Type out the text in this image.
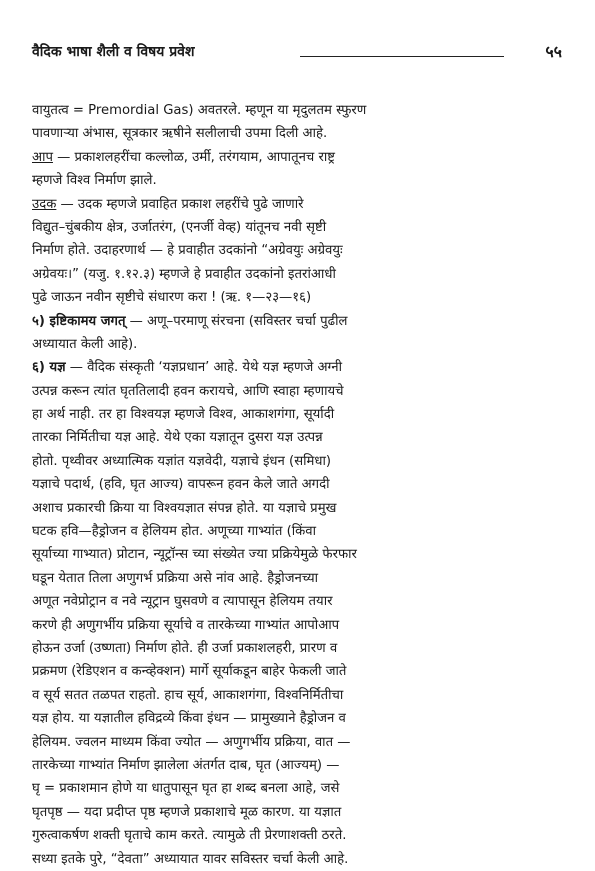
वैदिक भाषा शैली व विषय प्रवेश	५५
वायुतत्व = Premordial Gas) अवतरले. म्हणून या मृदुलतम स्फुरण
पावणाऱ्या अंभास, सूत्रकार ऋषीने सलीलाची उपमा दिली आहे.
आप — प्रकाशलहरींचा कल्लोळ, उर्मी, तरंगयाम, आपातूनच राष्ट्र
म्हणजे विश्व निर्माण झाले.
उदक — उदक म्हणजे प्रवाहित प्रकाश लहरींचे पुढे जाणारे
विद्युत–चुंबकीय क्षेत्र, उर्जातरंग, (एनर्जी वेव्ह) यांतूनच नवी सृष्टी
निर्माण होते. उदाहरणार्थ — हे प्रवाहीत उदकांनो “अग्रेवयुः अग्रेवयुः
अग्रेवयः।” (यजु. १.१२.३) म्हणजे हे प्रवाहीत उदकांनो इतरांआधी
पुढे जाऊन नवीन सृष्टीचे संधारण करा ! (ऋ. १—२३—१६)
५) इष्टिकामय जगत् — अणू–परमाणू संरचना (सविस्तर चर्चा पुढील
अध्यायात केली आहे).
६) यज्ञ — वैदिक संस्कृती ‘यज्ञप्रधान’ आहे. येथे यज्ञ म्हणजे अग्नी
उत्पन्न करून त्यांत घृततिलादी हवन करायचे, आणि स्वाहा म्हणायचे
हा अर्थ नाही. तर हा विश्वयज्ञ म्हणजे विश्व, आकाशगंगा, सूर्यादी
तारका निर्मितीचा यज्ञ आहे. येथे एका यज्ञातून दुसरा यज्ञ उत्पन्न
होतो. पृथ्वीवर अध्यात्मिक यज्ञांत यज्ञवेदी, यज्ञाचे इंधन (समिधा)
यज्ञाचे पदार्थ, (हवि, घृत आज्य) वापरून हवन केले जाते अगदी
अशाच प्रकारची क्रिया या विश्वयज्ञात संपन्न होते. या यज्ञाचे प्रमुख
घटक हवि—हैड्रोजन व हेलियम होत. अणूच्या गाभ्यांत (किंवा
सूर्याच्या गाभ्यात) प्रोटान, न्यूट्रॉन्स च्या संख्येत ज्या प्रक्रियेमुळे फेरफार
घडून येतात तिला अणुगर्भ प्रक्रिया असे नांव आहे. हैड्रोजनच्या
अणूत नवेप्रोट्रान व नवे न्यूट्रान घुसवणे व त्यापासून हेलियम तयार
करणे ही अणुगर्भीय प्रक्रिया सूर्याचे व तारकेच्या गाभ्यांत आपोआप
होऊन उर्जा (उष्णता) निर्माण होते. ही उर्जा प्रकाशलहरी, प्रारण व
प्रक्रमण (रेडिएशन व कन्व्हेक्शन) मार्गे सूर्याकडून बाहेर फेकली जाते
व सूर्य सतत तळपत राहतो. हाच सूर्य, आकाशगंगा, विश्वनिर्मितीचा
यज्ञ होय. या यज्ञातील हविद्रव्ये किंवा इंधन — प्रामुख्याने हैड्रोजन व
हेलियम. ज्वलन माध्यम किंवा ज्योत — अणुगर्भीय प्रक्रिया, वात —
तारकेच्या गाभ्यांत निर्माण झालेला अंतर्गत दाब, घृत (आज्यम्) —
घृ = प्रकाशमान होणे या धातुपासून घृत हा शब्द बनला आहे, जसे
घृतपृष्ठ — यदा प्रदीप्त पृष्ठ म्हणजे प्रकाशाचे मूळ कारण. या यज्ञात
गुरुत्वाकर्षण शक्ती घृताचे काम करते. त्यामुळे ती प्रेरणाशक्ती ठरते.
सध्या इतके पुरे, “देवता” अध्यायात यावर सविस्तर चर्चा केली आहे.
